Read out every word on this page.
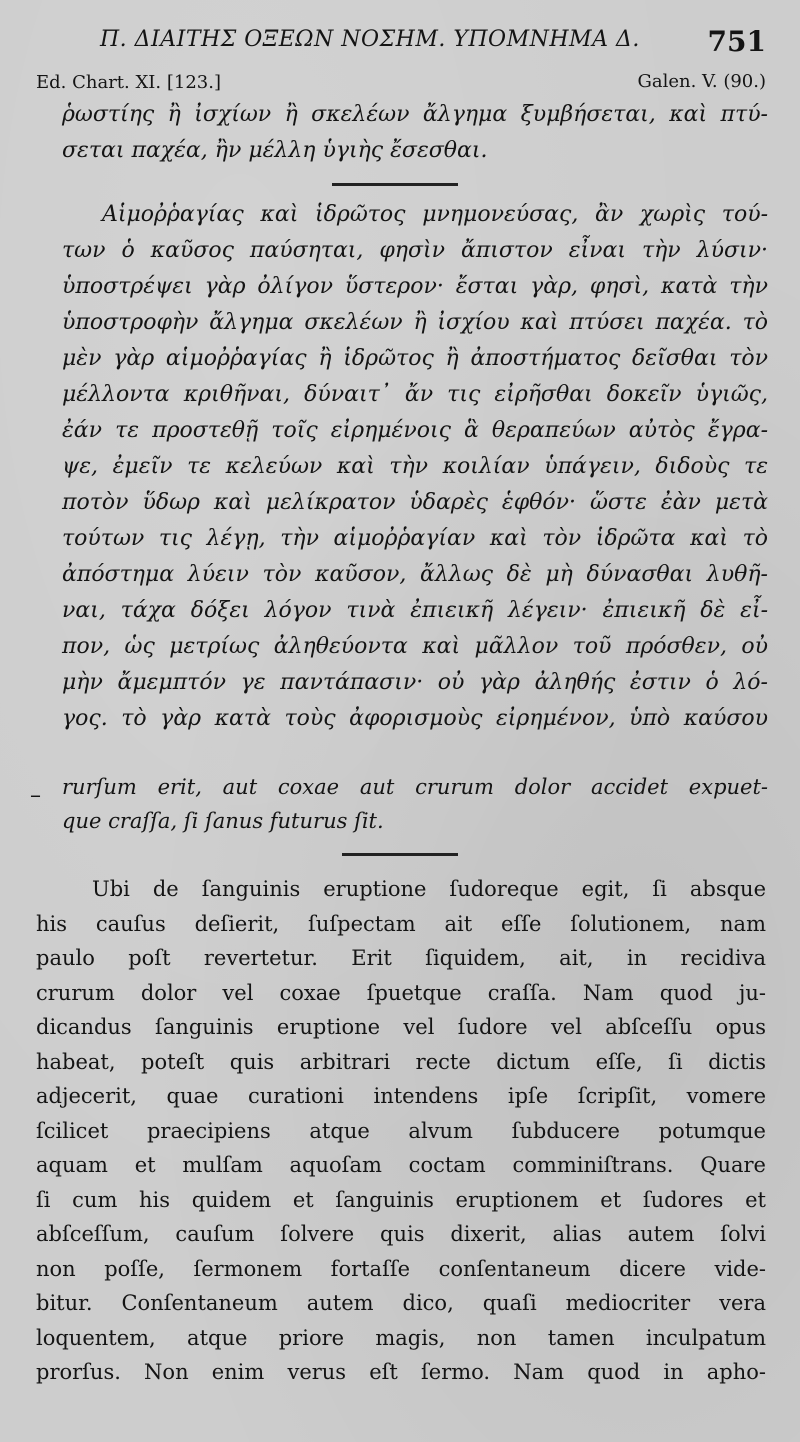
Π. ΔΙΑΙΤΗΣ ΟΞΕΩΝ ΝΟΣΗΜ. ΥΠΟΜΝΗΜΑ Δ.	751
Ed. Chart. XI. [123.]	Galen. V. (90.)
ῥωστίης ἢ ἰσχίων ἢ σκελέων ἄλγημα ξυμβήσεται, καὶ πτύ-
σεται παχέα, ἢν μέλλη ὑγιὴς ἔσεσθαι.
Αἱμοῤῥαγίας καὶ ἱδρῶτος μνημονεύσας, ἂν χωρὶς τού-
των ὁ καῦσος παύσηται, φησὶν ἄπιστον εἶναι τὴν λύσιν·
ὑποστρέψει γὰρ ὀλίγον ὕστερον· ἔσται γὰρ, φησὶ, κατὰ τὴν
ὑποστροφὴν ἄλγημα σκελέων ἢ ἰσχίου καὶ πτύσει παχέα. τὸ
μὲν γὰρ αἱμοῤῥαγίας ἢ ἱδρῶτος ἢ ἀποστήματος δεῖσθαι τὸν
μέλλοντα κριθῆναι, δύναιτ᾽ ἄν τις εἰρῆσθαι δοκεῖν ὑγιῶς,
ἐάν τε προστεθῇ τοῖς εἰρημένοις ἃ θεραπεύων αὐτὸς ἔγρα-
ψε, ἐμεῖν τε κελεύων καὶ τὴν κοιλίαν ὑπάγειν, διδοὺς τε
ποτὸν ὕδωρ καὶ μελίκρατον ὑδαρὲς ἑφθόν· ὥστε ἐὰν μετὰ
τούτων τις λέγῃ, τὴν αἱμοῤῥαγίαν καὶ τὸν ἱδρῶτα καὶ τὸ
ἀπόστημα λύειν τὸν καῦσον, ἄλλως δὲ μὴ δύνασθαι λυθῆ-
ναι, τάχα δόξει λόγον τινὰ ἐπιεικῆ λέγειν· ἐπιεικῆ δὲ εἶ-
πον, ὡς μετρίως ἀληθεύοντα καὶ μᾶλλον τοῦ πρόσθεν, οὐ
μὴν ἄμεμπτόν γε παντάπασιν· οὐ γὰρ ἀληθής ἐστιν ὁ λό-
γος. τὸ γὰρ κατὰ τοὺς ἀφορισμοὺς εἰρημένον, ὑπὸ καύσου
– rurſum erit, aut coxae aut crurum dolor accidet expuet-
que craſſa, ſi ſanus futurus ſit.
Ubi de ſanguinis eruptione ſudoreque egit, ſi absque
his cauſus deſierit, ſuſpectam ait eſſe ſolutionem, nam
paulo poſt revertetur. Erit ſiquidem, ait, in recidiva
crurum dolor vel coxae ſpuetque craſſa. Nam quod ju-
dicandus ſanguinis eruptione vel ſudore vel abſceſſu opus
habeat, poteſt quis arbitrari recte dictum eſſe, ſi dictis
adjecerit, quae curationi intendens ipſe ſcripſit, vomere
ſcilicet praecipiens atque alvum ſubducere potumque
aquam et mulſam aquoſam coctam comminiſtrans. Quare
ſi cum his quidem et ſanguinis eruptionem et ſudores et
abſceſſum, cauſum ſolvere quis dixerit, alias autem ſolvi
non poſſe, ſermonem fortaſſe conſentaneum dicere vide-
bitur. Conſentaneum autem dico, quaſi mediocriter vera
loquentem, atque priore magis, non tamen inculpatum
prorſus. Non enim verus eſt ſermo. Nam quod in apho-
